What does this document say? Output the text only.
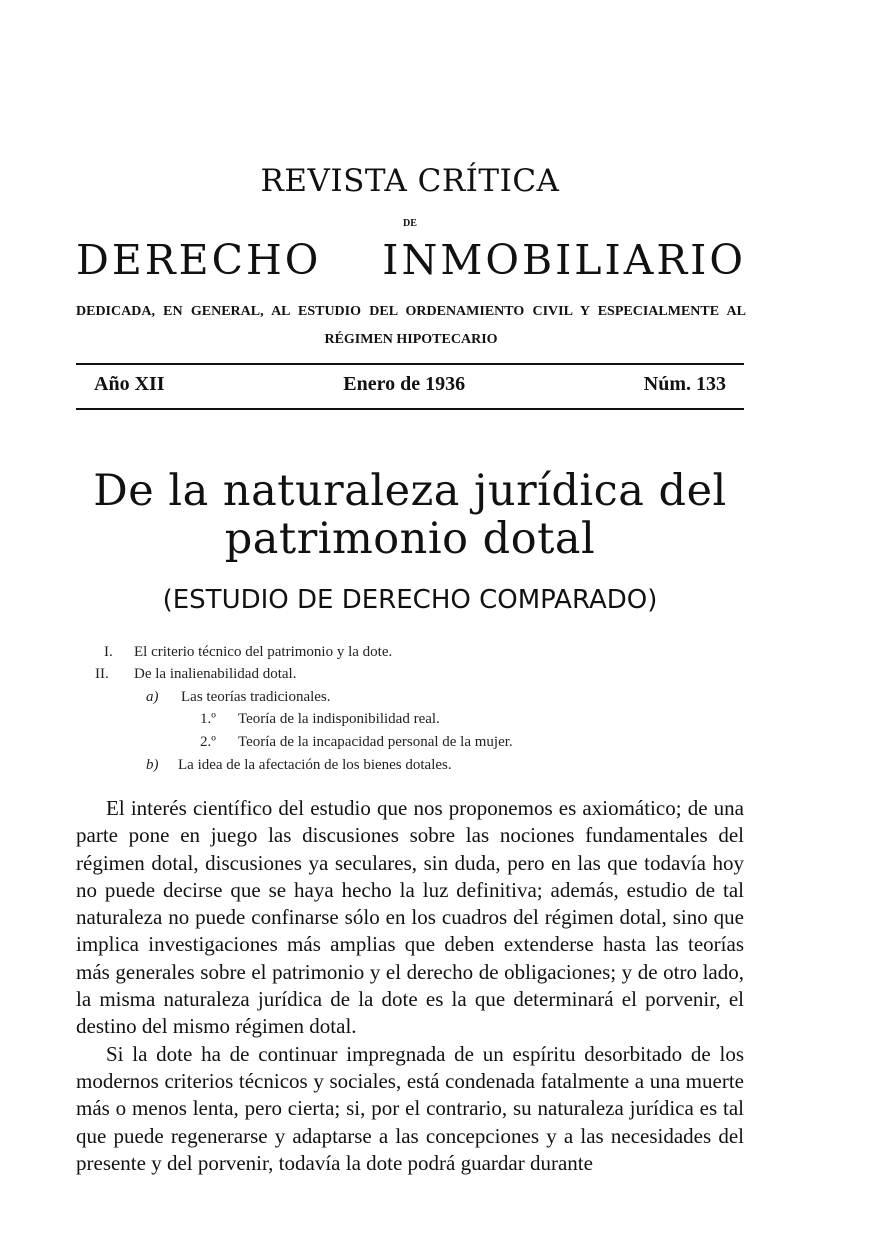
REVISTA CRÍTICA
DE
DERECHO INMOBILIARIO
DEDICADA, EN GENERAL, AL ESTUDIO DEL ORDENAMIENTO CIVIL Y ESPECIALMENTE AL RÉGIMEN HIPOTECARIO
Año XII	Enero de 1936	Núm. 133
De la naturaleza jurídica del patrimonio dotal
(ESTUDIO DE DERECHO COMPARADO)
I. El criterio técnico del patrimonio y la dote.
II. De la inalienabilidad dotal.
a) Las teorías tradicionales.
1.º Teoría de la indisponibilidad real.
2.º Teoría de la incapacidad personal de la mujer.
b) La idea de la afectación de los bienes dotales.

El interés científico del estudio que nos proponemos es axiomático; de una parte pone en juego las discusiones sobre las nociones fundamentales del régimen dotal, discusiones ya seculares, sin duda, pero en las que todavía hoy no puede decirse que se haya hecho la luz definitiva; además, estudio de tal naturaleza no puede confinarse sólo en los cuadros del régimen dotal, sino que implica investigaciones más amplias que deben extenderse hasta las teorías más generales sobre el patrimonio y el derecho de obligaciones; y de otro lado, la misma naturaleza jurídica de la dote es la que determinará el porvenir, el destino del mismo régimen dotal.

Si la dote ha de continuar impregnada de un espíritu desorbitado de los modernos criterios técnicos y sociales, está condenada fatalmente a una muerte más o menos lenta, pero cierta; si, por el contrario, su naturaleza jurídica es tal que puede regenerarse y adaptarse a las concepciones y a las necesidades del presente y del porvenir, todavía la dote podrá guardar durante
